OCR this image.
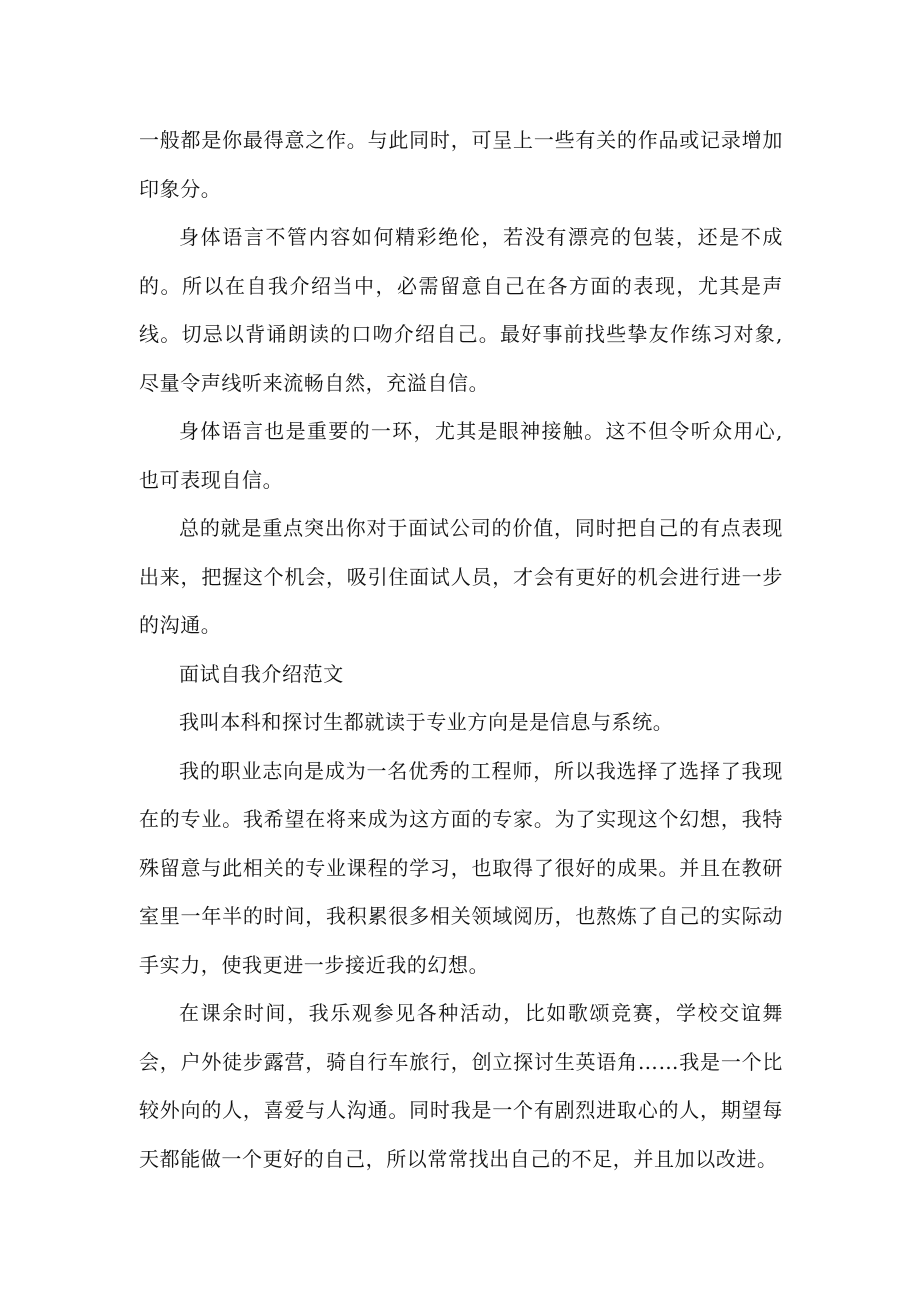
一般都是你最得意之作。与此同时，可呈上一些有关的作品或记录增加印象分。

身体语言不管内容如何精彩绝伦，若没有漂亮的包装，还是不成的。所以在自我介绍当中，必需留意自己在各方面的表现，尤其是声线。切忌以背诵朗读的口吻介绍自己。最好事前找些挚友作练习对象,尽量令声线听来流畅自然，充溢自信。

身体语言也是重要的一环，尤其是眼神接触。这不但令听众用心,也可表现自信。

总的就是重点突出你对于面试公司的价值，同时把自己的有点表现出来，把握这个机会，吸引住面试人员，才会有更好的机会进行进一步的沟通。

面试自我介绍范文

我叫本科和探讨生都就读于专业方向是是信息与系统。

我的职业志向是成为一名优秀的工程师，所以我选择了选择了我现在的专业。我希望在将来成为这方面的专家。为了实现这个幻想，我特殊留意与此相关的专业课程的学习，也取得了很好的成果。并且在教研室里一年半的时间，我积累很多相关领域阅历，也熬炼了自己的实际动手实力，使我更进一步接近我的幻想。

在课余时间，我乐观参见各种活动，比如歌颂竞赛，学校交谊舞会，户外徒步露营，骑自行车旅行，创立探讨生英语角……我是一个比较外向的人，喜爱与人沟通。同时我是一个有剧烈进取心的人，期望每天都能做一个更好的自己，所以常常找出自己的不足，并且加以改进。
